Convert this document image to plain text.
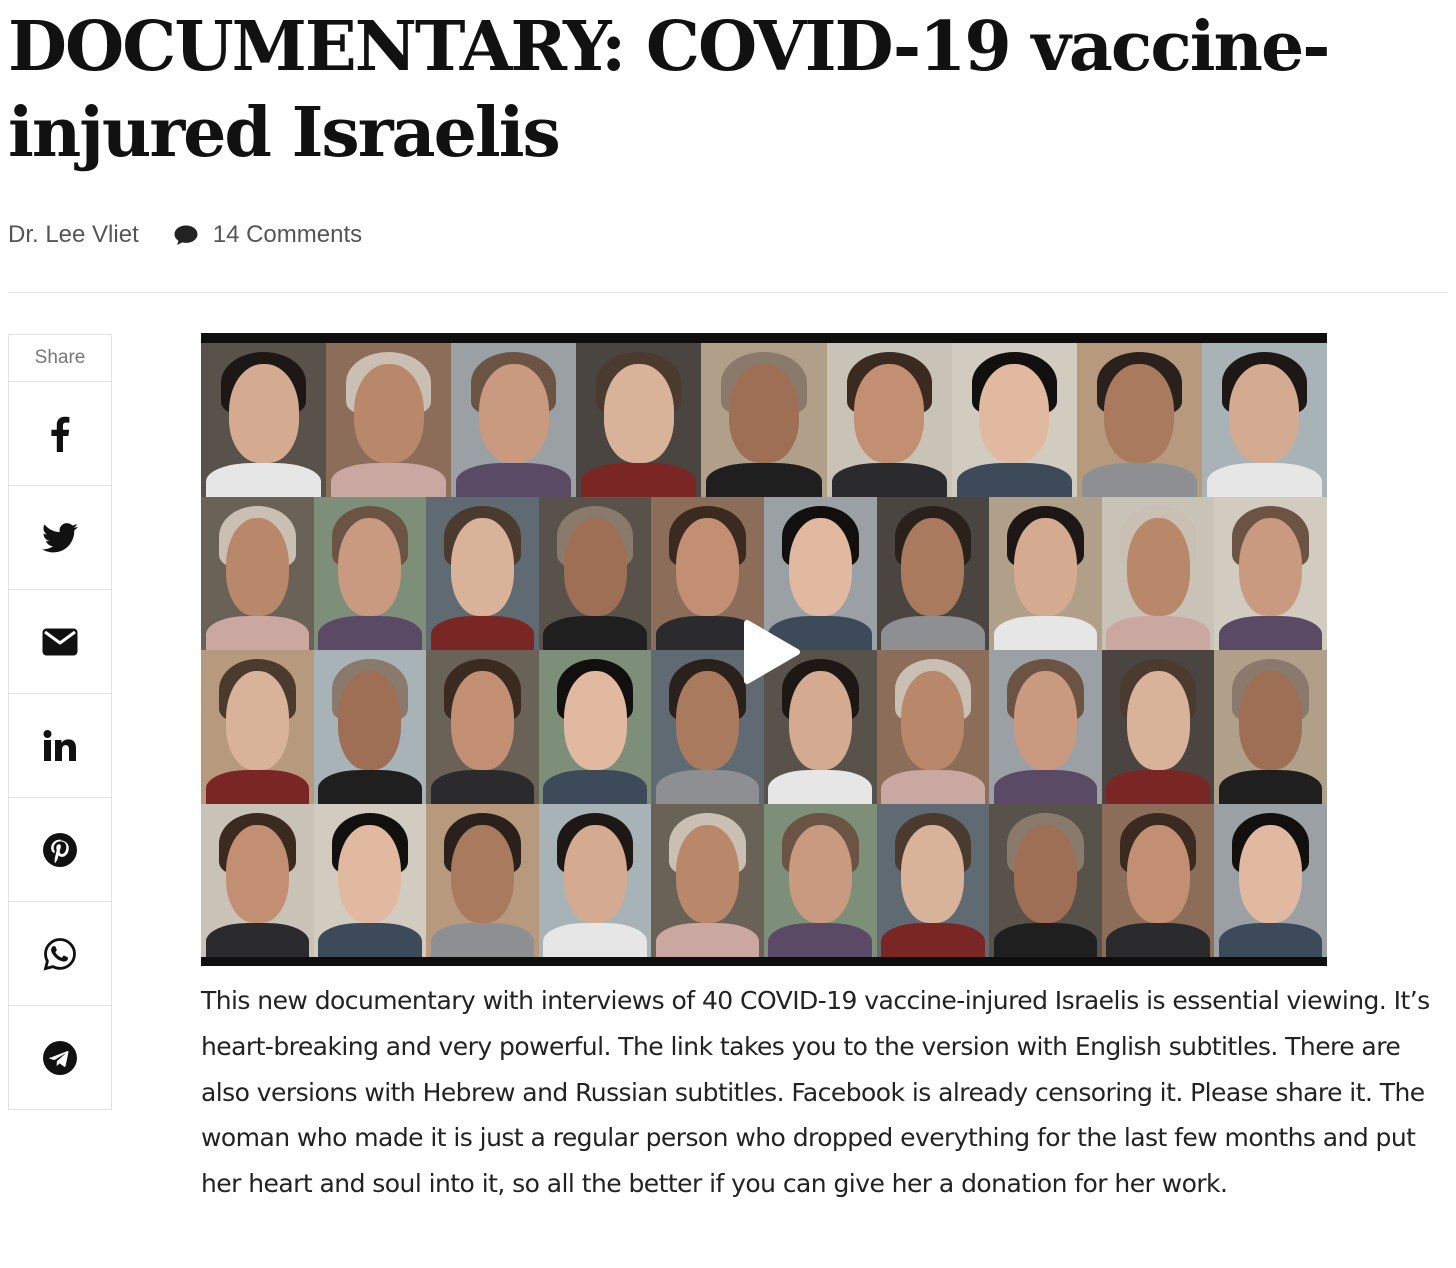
DOCUMENTARY: COVID-19 vaccine-injured Israelis
Dr. Lee Vliet	14 Comments
Share

This new documentary with interviews of 40 COVID-19 vaccine-injured Israelis is essential viewing. It’s heart-breaking and very powerful. The link takes you to the version with English subtitles. There are also versions with Hebrew and Russian subtitles. Facebook is already censoring it. Please share it. The woman who made it is just a regular person who dropped everything for the last few months and put her heart and soul into it, so all the better if you can give her a donation for her work.
